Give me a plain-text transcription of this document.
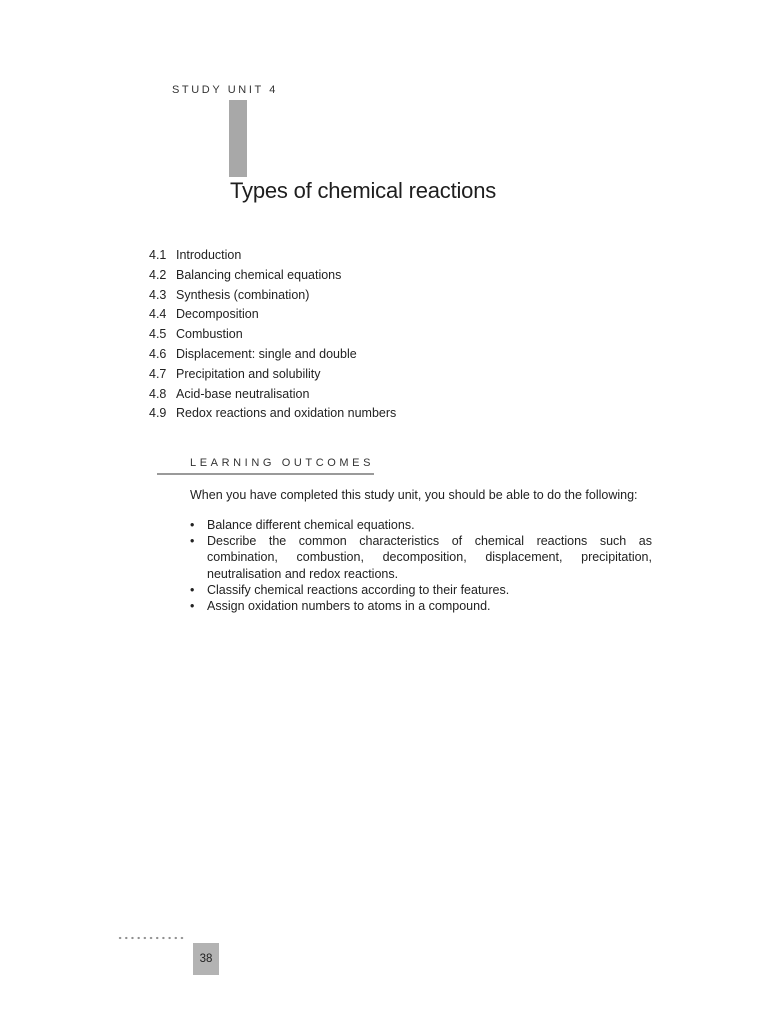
STUDY UNIT 4
Types of chemical reactions
4.1 Introduction
4.2 Balancing chemical equations
4.3 Synthesis (combination)
4.4 Decomposition
4.5 Combustion
4.6 Displacement: single and double
4.7 Precipitation and solubility
4.8 Acid-base neutralisation
4.9 Redox reactions and oxidation numbers
LEARNING OUTCOMES

When you have completed this study unit, you should be able to do the following:

• Balance different chemical equations.
• Describe the common characteristics of chemical reactions such as combination, combustion, decomposition, displacement, precipitation, neutralisation and redox reactions.
• Classify chemical reactions according to their features.
• Assign oxidation numbers to atoms in a compound.
38
